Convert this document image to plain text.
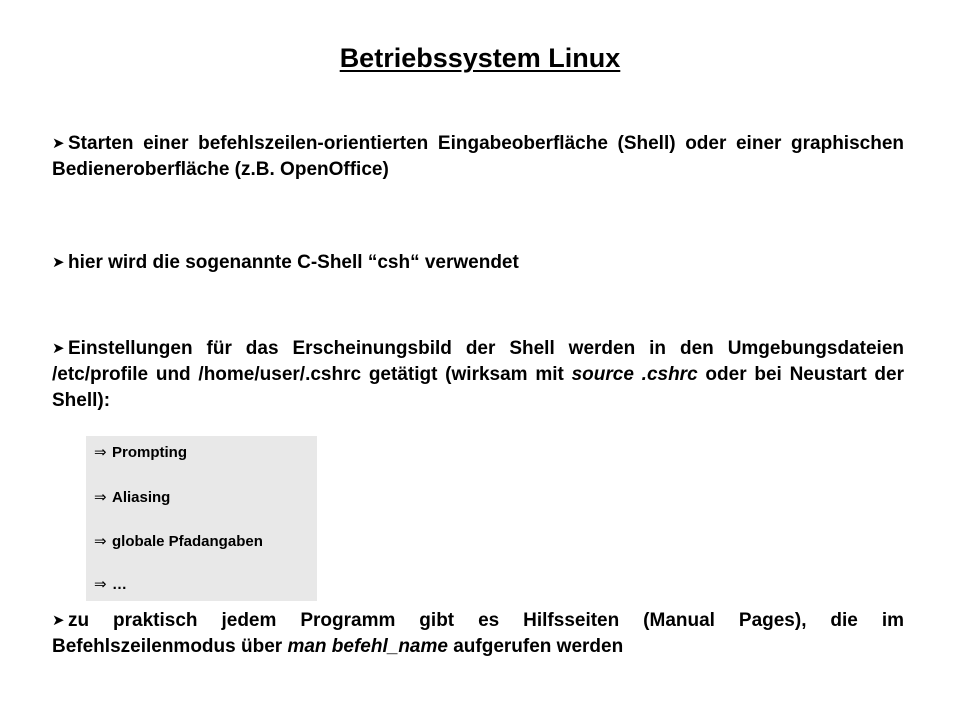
Betriebssystem Linux
➤ Starten einer befehlszeilen-orientierten Eingabeoberfläche (Shell) oder einer graphischen Bedieneroberfläche (z.B. OpenOffice)
➤ hier wird die sogenannte C-Shell “csh“ verwendet
➤ Einstellungen für das Erscheinungsbild der Shell werden in den Umgebungsdateien /etc/profile und /home/user/.cshrc getätigt (wirksam mit source .cshrc oder bei Neustart der Shell):
⇒ Prompting
⇒ Aliasing
⇒ globale Pfadangaben
⇒ …
➤ zu praktisch jedem Programm gibt es Hilfsseiten (Manual Pages), die im Befehlszeilenmodus über man befehl_name aufgerufen werden
